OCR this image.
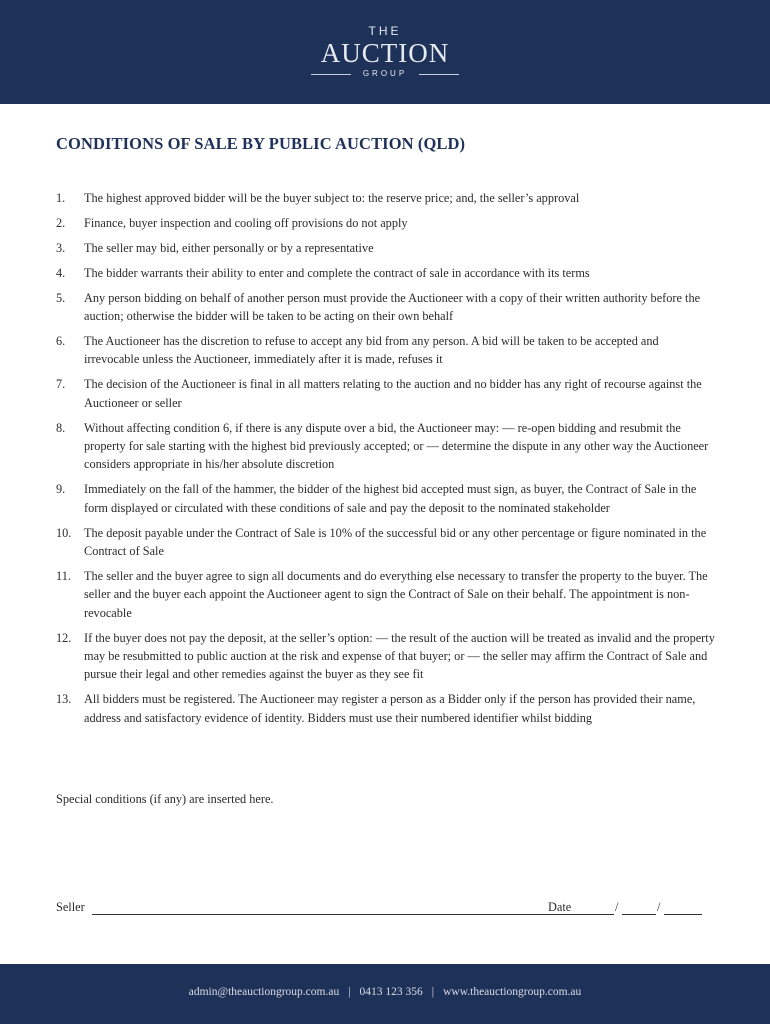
THE
AUCTION
GROUP
CONDITIONS OF SALE BY PUBLIC AUCTION (QLD)
1.	The highest approved bidder will be the buyer subject to: the reserve price; and, the seller’s approval
2.	Finance, buyer inspection and cooling off provisions do not apply
3.	The seller may bid, either personally or by a representative
4.	The bidder warrants their ability to enter and complete the contract of sale in accordance with its terms
5.	Any person bidding on behalf of another person must provide the Auctioneer with a copy of their written authority before the auction; otherwise the bidder will be taken to be acting on their own behalf
6.	The Auctioneer has the discretion to refuse to accept any bid from any person. A bid will be taken to be accepted and irrevocable unless the Auctioneer, immediately after it is made, refuses it
7.	The decision of the Auctioneer is final in all matters relating to the auction and no bidder has any right of recourse against the Auctioneer or seller
8.	Without affecting condition 6, if there is any dispute over a bid, the Auctioneer may: — re-open bidding and resubmit the property for sale starting with the highest bid previously accepted; or — determine the dispute in any other way the Auctioneer considers appropriate in his/her absolute discretion
9.	Immediately on the fall of the hammer, the bidder of the highest bid accepted must sign, as buyer, the Contract of Sale in the form displayed or circulated with these conditions of sale and pay the deposit to the nominated stakeholder
10.	The deposit payable under the Contract of Sale is 10% of the successful bid or any other percentage or figure nominated in the Contract of Sale
11.	The seller and the buyer agree to sign all documents and do everything else necessary to transfer the property to the buyer. The seller and the buyer each appoint the Auctioneer agent to sign the Contract of Sale on their behalf. The appointment is non-revocable
12.	If the buyer does not pay the deposit, at the seller’s option: — the result of the auction will be treated as invalid and the property may be resubmitted to public auction at the risk and expense of that buyer; or — the seller may affirm the Contract of Sale and pursue their legal and other remedies against the buyer as they see fit
13.	All bidders must be registered. The Auctioneer may register a person as a Bidder only if the person has provided their name, address and satisfactory evidence of identity. Bidders must use their numbered identifier whilst bidding
Special conditions (if any) are inserted here.
Seller	Date	/	/
admin@theauctiongroup.com.au | 0413 123 356 | www.theauctiongroup.com.au
